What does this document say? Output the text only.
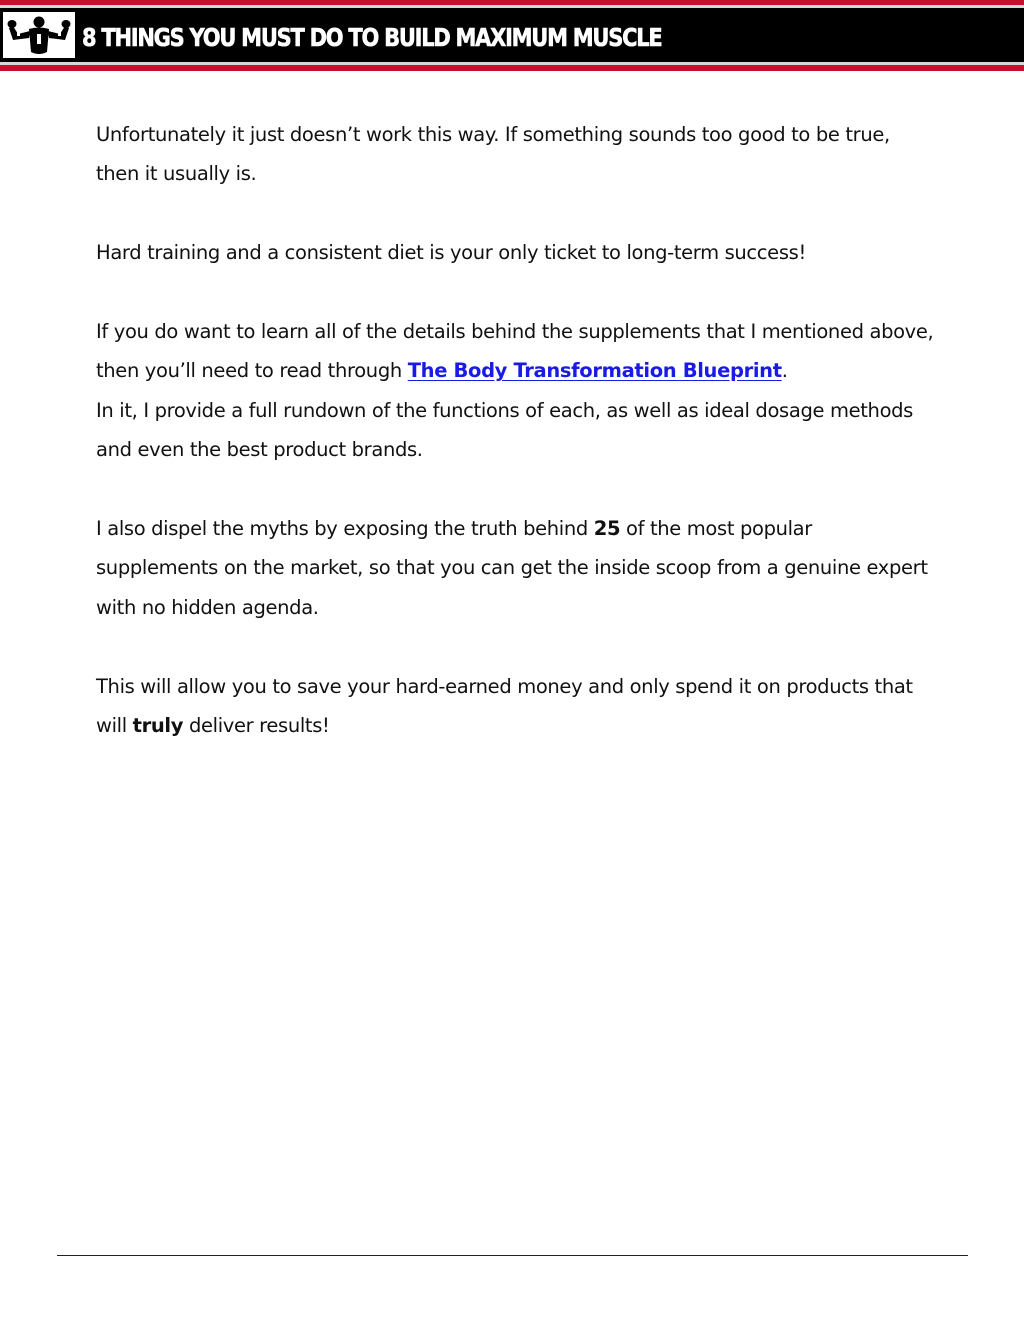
8 THINGS YOU MUST DO TO BUILD MAXIMUM MUSCLE

Unfortunately it just doesn’t work this way. If something sounds too good to be true, then it usually is.

Hard training and a consistent diet is your only ticket to long-term success!

If you do want to learn all of the details behind the supplements that I mentioned above, then you’ll need to read through The Body Transformation Blueprint.
In it, I provide a full rundown of the functions of each, as well as ideal dosage methods and even the best product brands.

I also dispel the myths by exposing the truth behind 25 of the most popular supplements on the market, so that you can get the inside scoop from a genuine expert with no hidden agenda.

This will allow you to save your hard-earned money and only spend it on products that will truly deliver results!
